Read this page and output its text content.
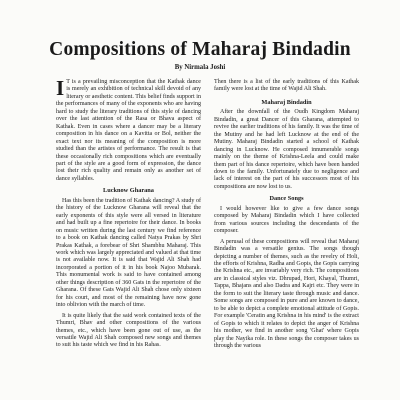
Compositions of Maharaj Bindadin
By Nirmala Joshi

I T is a prevailing misconception that the Kathak dance is merely an exhibition of technical skill devoid of any literary or aesthetic content. This belief finds support in the performances of many of the exponents who are having hard to study the literary traditions of this style of dancing over the last attention of the Rasa or Bhava aspect of Kathak. Even in cases where a dancer may be a literary composition in his dance on a Kavitta or Bol, neither the exact text nor its meaning of the composition is more studied than the artistes of performance. The result is that these occasionally rich compositions which are eventually part of the style are a good form of expression, the dance lost their rich quality and remain only as another set of dance syllables.

Lucknow Gharana

Has this been the tradition of Kathak dancing? A study of the history of the Lucknow Gharana will reveal that the early exponents of this style were all versed in literature and had built up a fine repertoire for their dance. In books on music written during the last century we find reference to a book on Kathak dancing called Natya Prakas by Shri Prakas Kathak, a forebear of Shri Shambhu Maharaj. This work which was largely appreciated and valued at that time is not available now. It is said that Wajid Ali Shah had incorporated a portion of it in his book Najoo Mubarak. This monumental work is said to have contained among other things description of 360 Gats in the repertoire of the Gharana. Of these Gats Wajid Ali Shah chose only sixteen for his court, and most of the remaining have now gone into oblivion with the march of time.

It is quite likely that the said work contained texts of the Thumri, Bhav and other compositions of the various themes, etc., which have been gone out of use, as the versatile Wajid Ali Shah composed new songs and themes to suit his taste which we find in his Rahas.

Then there is a list of the early traditions of this Kathak family were lost at the time of Wajid Ali Shah.

Maharaj Bindadin

After the downfall of the Oudh Kingdom Maharaj Bindadin, a great Dancer of this Gharana, attempted to revive the earlier traditions of his family. It was the time of the Mutiny and he had left Lucknow at the end of the Mutiny. Maharaj Bindadin started a school of Kathak dancing in Lucknow. He composed innumerable songs mainly on the theme of Krishna-Leela and could make them part of his dance repertoire, which have been handed down to the family. Unfortunately due to negligence and lack of interest on the part of his successors most of his compositions are now lost to us.

Dance Songs

I would however like to give a few dance songs composed by Maharaj Bindadin which I have collected from various sources including the descendants of the composer.

A perusal of these compositions will reveal that Maharaj Bindadin was a versatile genius. The songs though depicting a number of themes, such as the revelry of Holi, the efforts of Krishna, Radha and Gopis, the Gopis carrying the Krishna etc., are invariably very rich. The compositions are in classical styles viz. Dhrupad, Hori, Khayal, Thumri, Tappa, Bhajans and also Dadra and Kajri etc. They were in the form to suit the literary taste through music and dance. Some songs are composed in pure and are known to dance, to be able to depict a complete emotional attitude of Gopis. For example 'Ceratin ang Krishna in his mind' is the extract of Gopis to which it relates to depict the anger of Krishna his mother, we find in another song 'Ghat' where Gopis play the Nayika role. In these songs the composer takes us through the various
